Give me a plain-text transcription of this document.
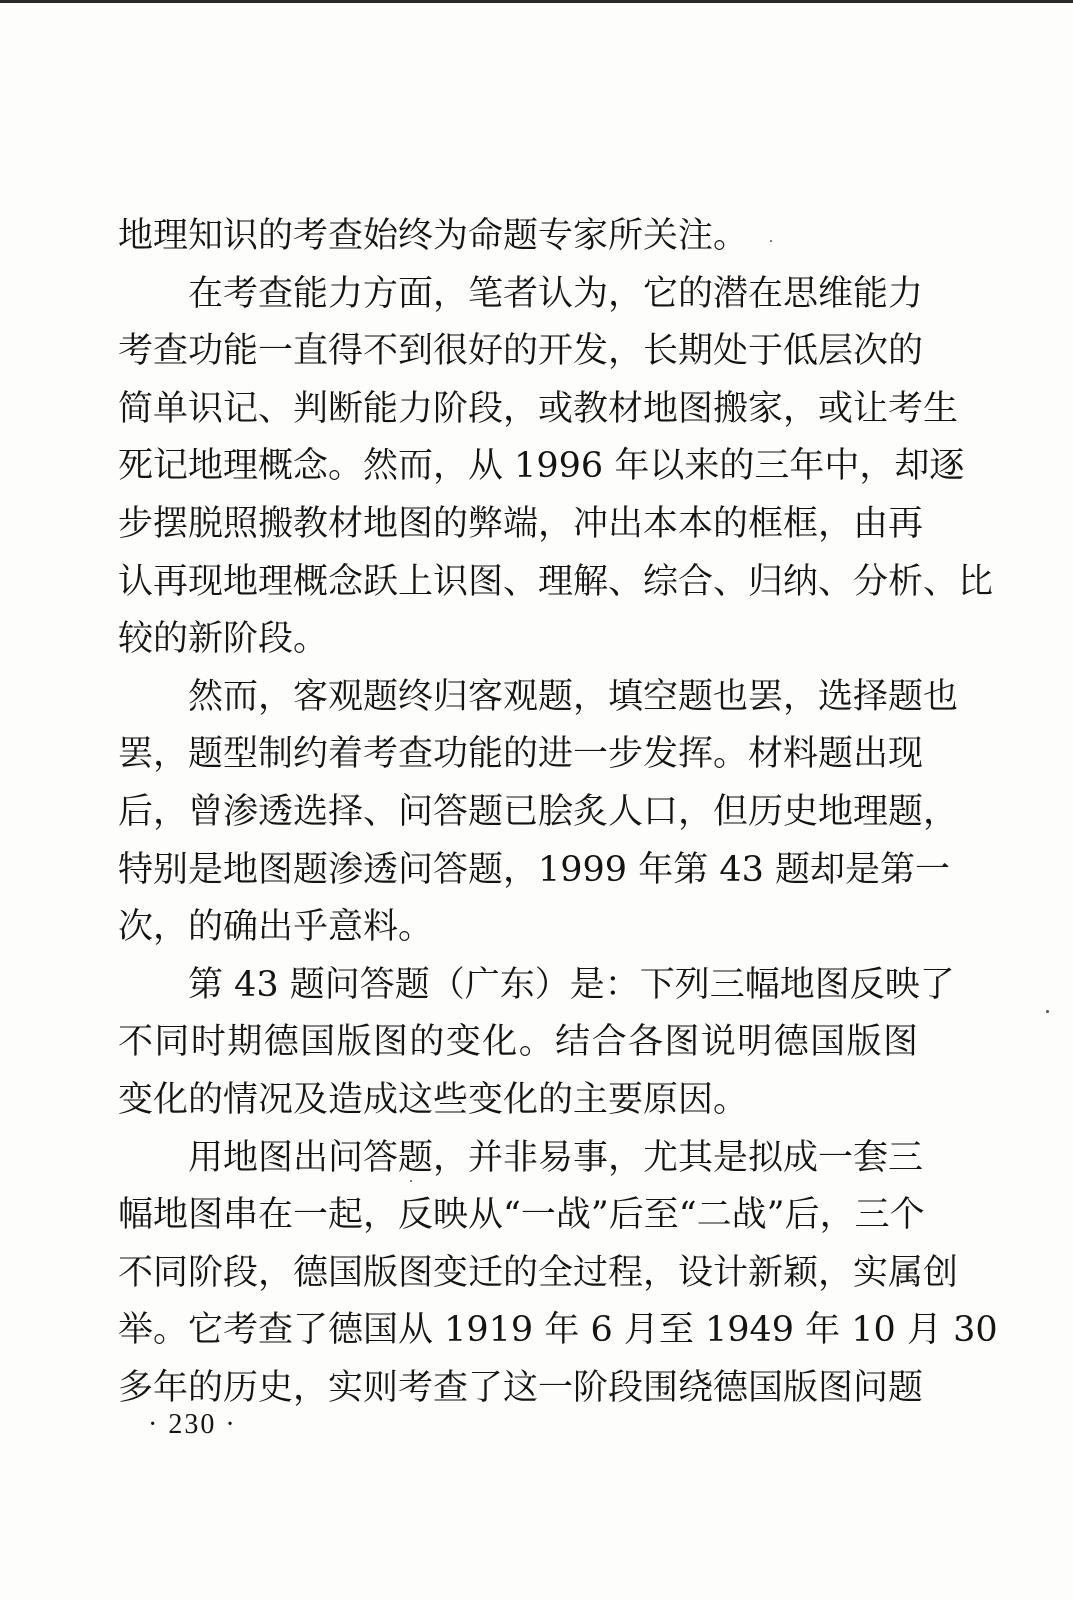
地理知识的考查始终为命题专家所关注。
在考查能力方面，笔者认为，它的潜在思维能力
考查功能一直得不到很好的开发，长期处于低层次的
简单识记、判断能力阶段，或教材地图搬家，或让考生
死记地理概念。然而，从 1996 年以来的三年中，却逐
步摆脱照搬教材地图的弊端，冲出本本的框框，由再
认再现地理概念跃上识图、理解、综合、归纳、分析、比
较的新阶段。
然而，客观题终归客观题，填空题也罢，选择题也
罢，题型制约着考查功能的进一步发挥。材料题出现
后，曾渗透选择、问答题已脍炙人口，但历史地理题，
特别是地图题渗透问答题，1999 年第 43 题却是第一
次，的确出乎意料。
第 43 题问答题（广东）是：下列三幅地图反映了
不同时期德国版图的变化。结合各图说明德国版图
变化的情况及造成这些变化的主要原因。
用地图出问答题，并非易事，尤其是拟成一套三
幅地图串在一起，反映从“一战”后至“二战”后，三个
不同阶段，德国版图变迁的全过程，设计新颖，实属创
举。它考查了德国从 1919 年 6 月至 1949 年 10 月 30
多年的历史，实则考查了这一阶段围绕德国版图问题
· 230 ·
